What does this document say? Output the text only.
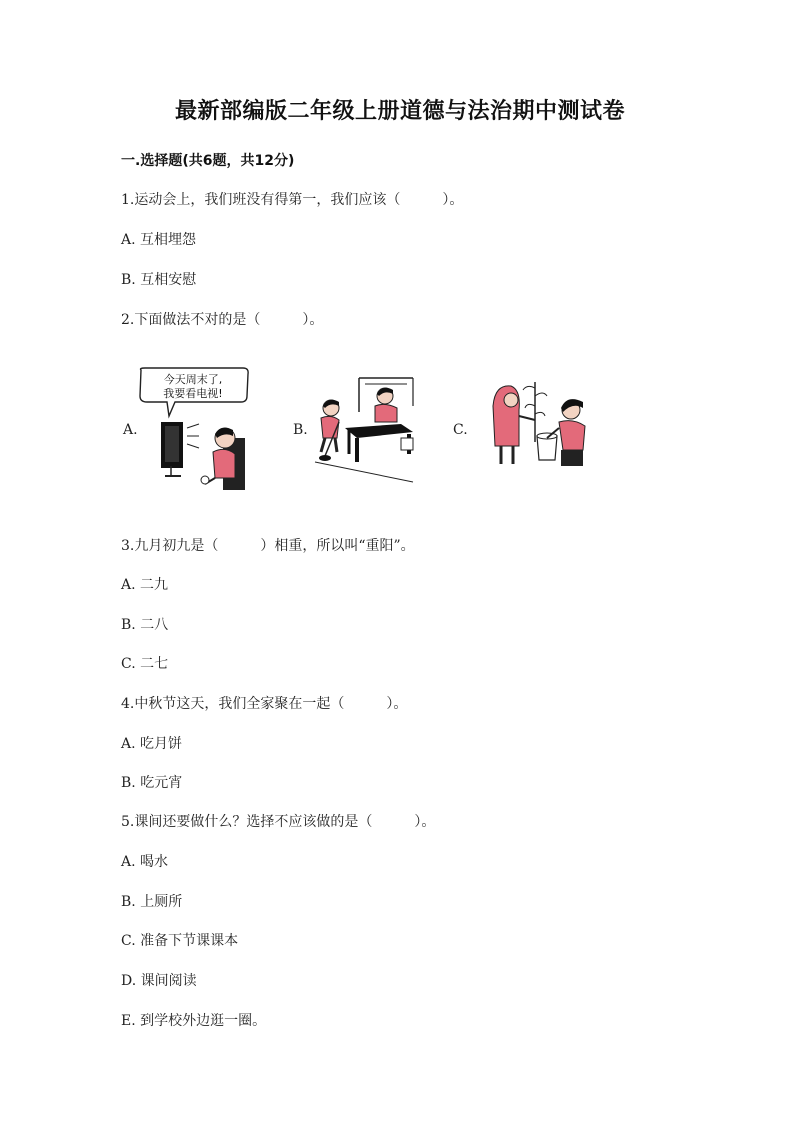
最新部编版二年级上册道德与法治期中测试卷
一.选择题(共6题，共12分)
1.运动会上，我们班没有得第一，我们应该（　　　）。
A. 互相埋怨
B. 互相安慰
2.下面做法不对的是（　　　）。
A.
今天周末了,
我要看电视!
B.	C.
3.九月初九是（　　　）相重，所以叫“重阳”。
A. 二九
B. 二八
C. 二七
4.中秋节这天，我们全家聚在一起（　　　）。
A. 吃月饼
B. 吃元宵
5.课间还要做什么？选择不应该做的是（　　　）。
A. 喝水
B. 上厕所
C. 准备下节课课本
D. 课间阅读
E. 到学校外边逛一圈。
